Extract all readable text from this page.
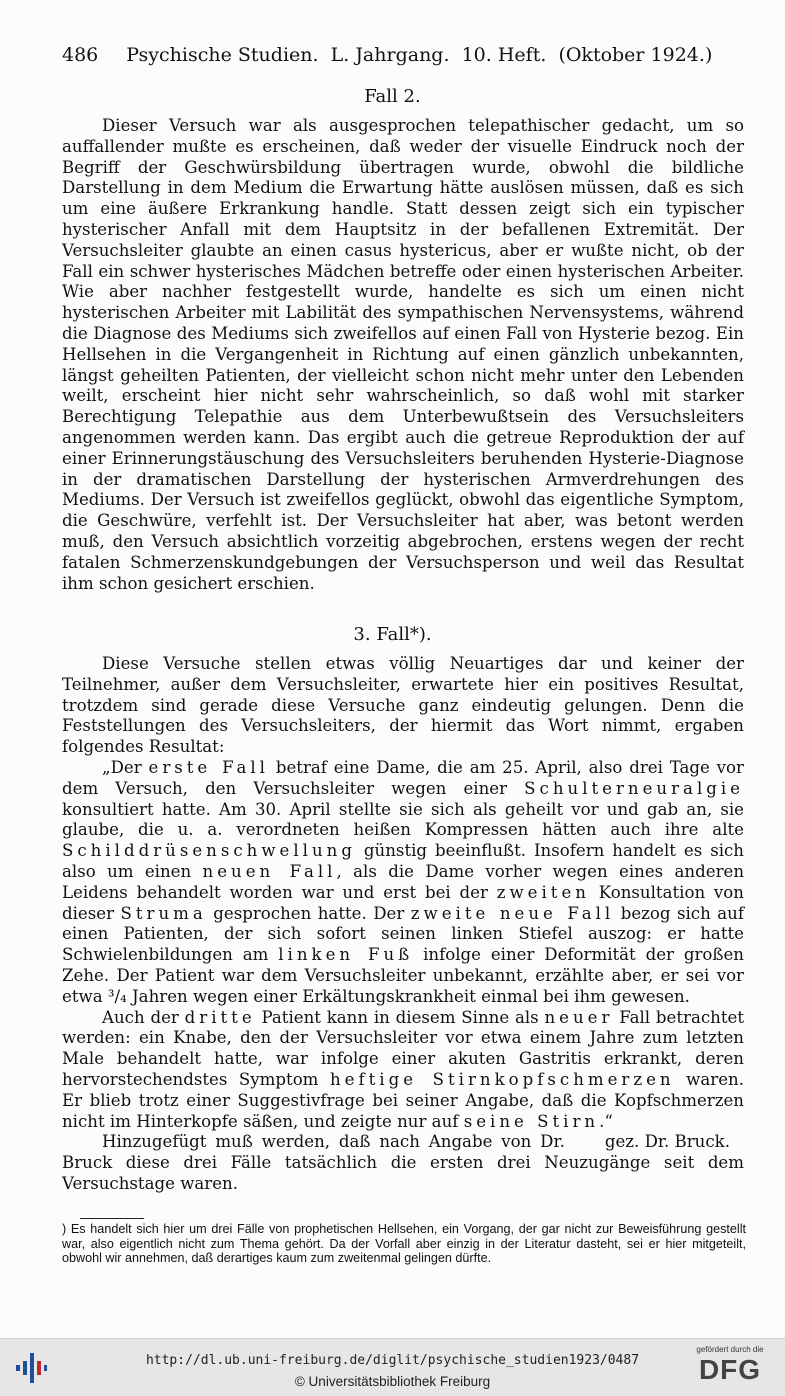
486 Psychische Studien.  L. Jahrgang.  10. Heft.  (Oktober 1924.)
Fall 2.

Dieser Versuch war als ausgesprochen telepathischer gedacht, um so auffallender mußte es erscheinen, daß weder der visuelle Eindruck noch der Begriff der Geschwürsbildung übertragen wurde, obwohl die bildliche Darstellung in dem Medium die Erwartung hätte auslösen müssen, daß es sich um eine äußere Erkrankung handle. Statt dessen zeigt sich ein typischer hysterischer Anfall mit dem Hauptsitz in der befallenen Extremität. Der Versuchsleiter glaubte an einen casus hystericus, aber er wußte nicht, ob der Fall ein schwer hysterisches Mädchen betreffe oder einen hysterischen Arbeiter. Wie aber nachher festgestellt wurde, handelte es sich um einen nicht hysterischen Arbeiter mit Labilität des sympathischen Nervensystems, während die Diagnose des Mediums sich zweifellos auf einen Fall von Hysterie bezog. Ein Hellsehen in die Vergangenheit in Richtung auf einen gänzlich unbekannten, längst geheilten Patienten, der vielleicht schon nicht mehr unter den Lebenden weilt, erscheint hier nicht sehr wahrscheinlich, so daß wohl mit starker Berechtigung Telepathie aus dem Unterbewußtsein des Versuchsleiters angenommen werden kann. Das ergibt auch die getreue Reproduktion der auf einer Erinnerungstäuschung des Versuchsleiters beruhenden Hysterie-Diagnose in der dramatischen Darstellung der hysterischen Armverdrehungen des Mediums. Der Versuch ist zweifellos geglückt, obwohl das eigentliche Symptom, die Geschwüre, verfehlt ist. Der Versuchsleiter hat aber, was betont werden muß, den Versuch absichtlich vorzeitig abgebrochen, erstens wegen der recht fatalen Schmerzenskundgebungen der Versuchsperson und weil das Resultat ihm schon gesichert erschien.

3. Fall*).

Diese Versuche stellen etwas völlig Neuartiges dar und keiner der Teilnehmer, außer dem Versuchsleiter, erwartete hier ein positives Resultat, trotzdem sind gerade diese Versuche ganz eindeutig gelungen. Denn die Feststellungen des Versuchsleiters, der hiermit das Wort nimmt, ergaben folgendes Resultat:

„Der erste Fall betraf eine Dame, die am 25. April, also drei Tage vor dem Versuch, den Versuchsleiter wegen einer Schulterneuralgie konsultiert hatte. Am 30. April stellte sie sich als geheilt vor und gab an, sie glaube, die u. a. verordneten heißen Kompressen hätten auch ihre alte Schilddrüsenschwellung günstig beeinflußt. Insofern handelt es sich also um einen neuen Fall, als die Dame vorher wegen eines anderen Leidens behandelt worden war und erst bei der zweiten Konsultation von dieser Struma gesprochen hatte. Der zweite neue Fall bezog sich auf einen Patienten, der sich sofort seinen linken Stiefel auszog: er hatte Schwielenbildungen am linken Fuß infolge einer Deformität der großen Zehe. Der Patient war dem Versuchsleiter unbekannt, erzählte aber, er sei vor etwa ³/₄ Jahren wegen einer Erkältungskrankheit einmal bei ihm gewesen.

Auch der dritte Patient kann in diesem Sinne als neuer Fall betrachtet werden: ein Knabe, den der Versuchsleiter vor etwa einem Jahre zum letzten Male behandelt hatte, war infolge einer akuten Gastritis erkrankt, deren hervorstechendstes Symptom heftige Stirnkopfschmerzen waren. Er blieb trotz einer Suggestivfrage bei seiner Angabe, daß die Kopfschmerzen nicht im Hinterkopfe säßen, und zeigte nur auf seine Stirn.“
gez. Dr. Bruck.

Hinzugefügt muß werden, daß nach Angabe von Dr. Bruck diese drei Fälle tatsächlich die ersten drei Neuzugänge seit dem Versuchstage waren.

) Es handelt sich hier um drei Fälle von prophetischen Hellsehen, ein Vorgang, der gar nicht zur Beweisführung gestellt war, also eigentlich nicht zum Thema gehört. Da der Vorfall aber einzig in der Literatur dasteht, sei er hier mitgeteilt, obwohl wir annehmen, daß derartiges kaum zum zweitenmal gelingen dürfte.
http://dl.ub.uni-freiburg.de/diglit/psychische_studien1923/0487
© Universitätsbibliothek Freiburg
gefördert durch die
DFG
